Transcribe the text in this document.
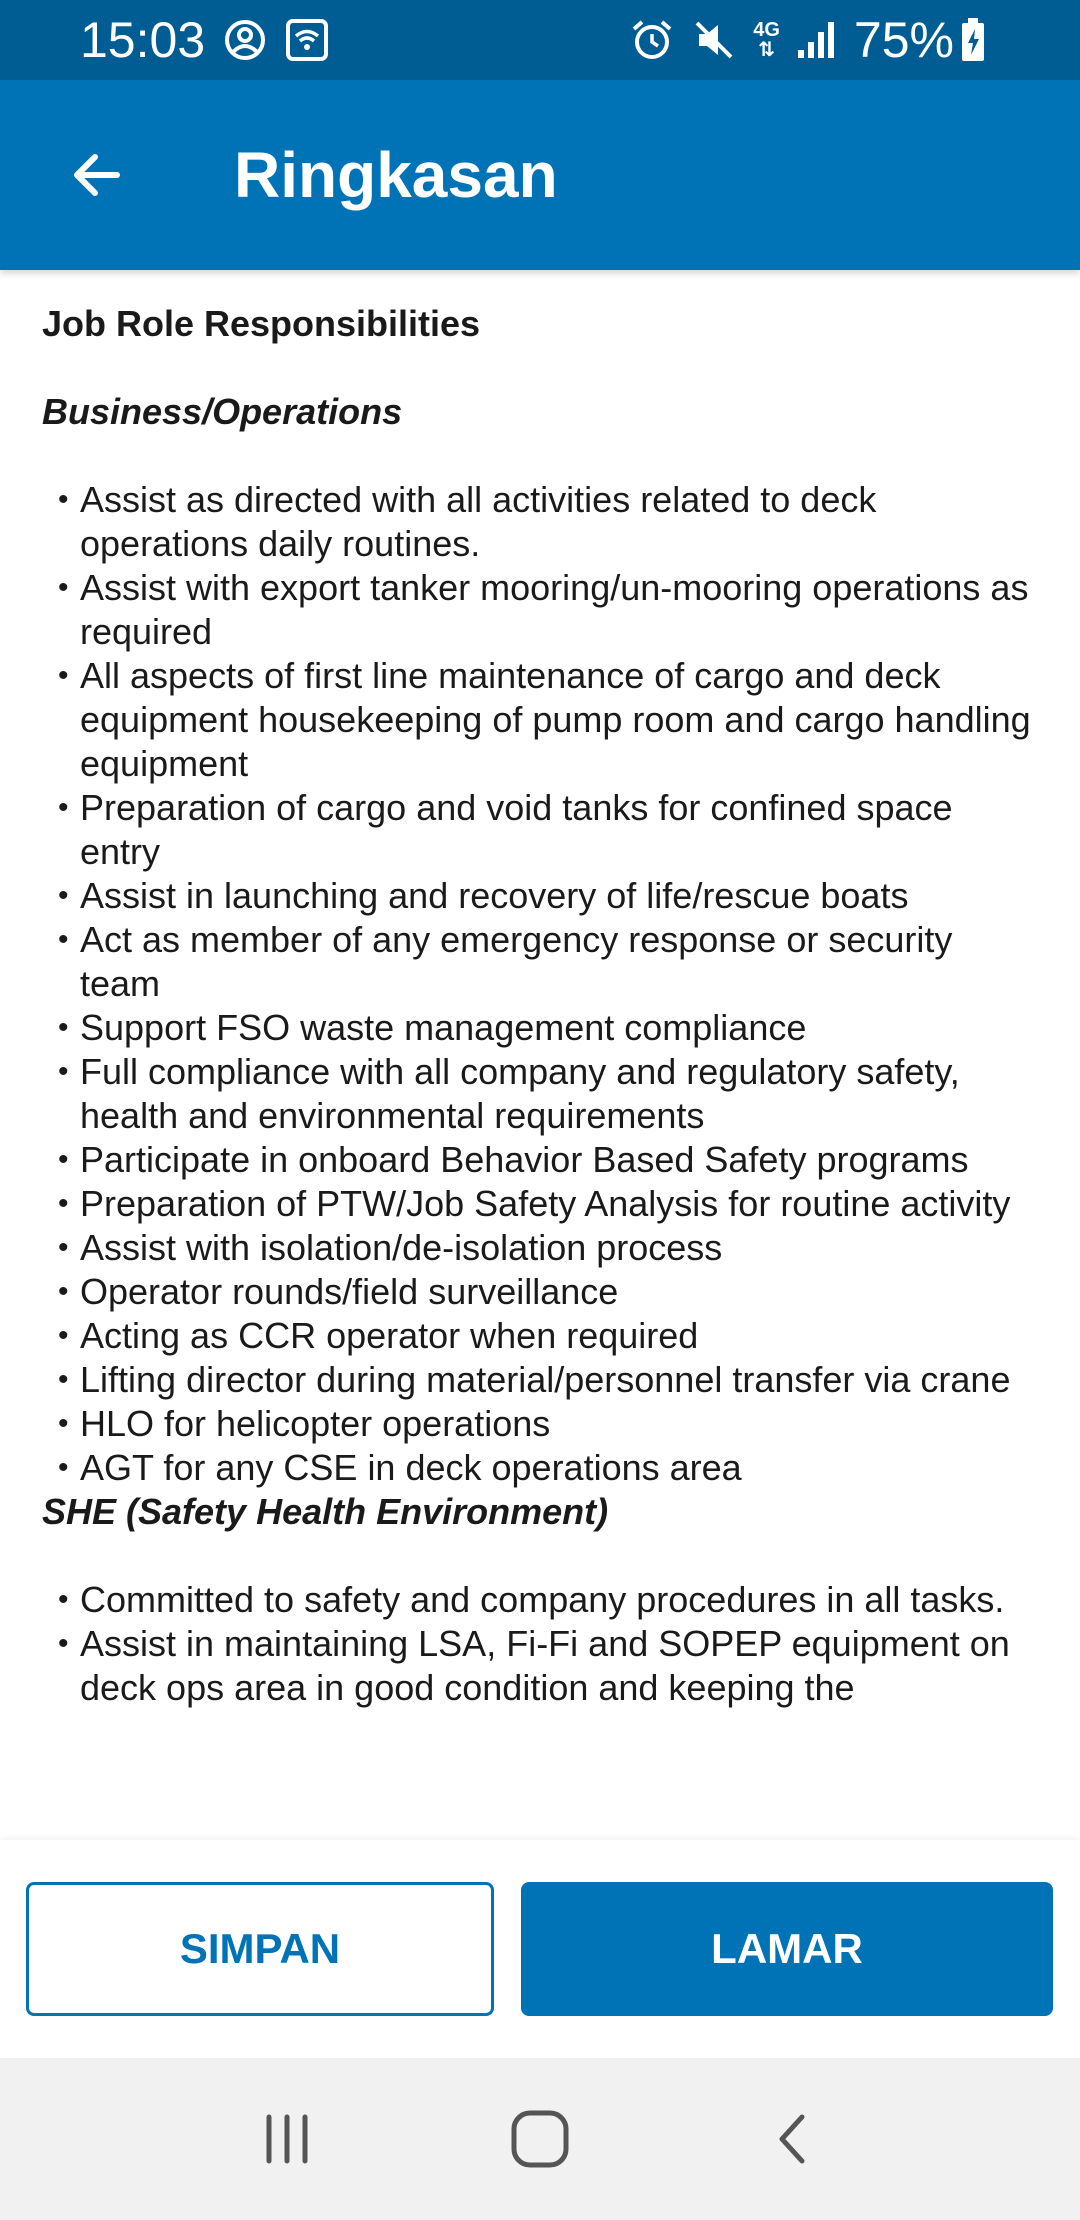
15:03	4G
⇅ 75%
Ringkasan
Job Role Responsibilities
Business/Operations
• Assist as directed with all activities related to deck operations daily routines.
• Assist with export tanker mooring/un-mooring operations as required
• All aspects of first line maintenance of cargo and deck equipment housekeeping of pump room and cargo handling equipment
• Preparation of cargo and void tanks for confined space entry
• Assist in launching and recovery of life/rescue boats
• Act as member of any emergency response or security team
• Support FSO waste management compliance
• Full compliance with all company and regulatory safety, health and environmental requirements
• Participate in onboard Behavior Based Safety programs
• Preparation of PTW/Job Safety Analysis for routine activity
• Assist with isolation/de-isolation process
• Operator rounds/field surveillance
• Acting as CCR operator when required
• Lifting director during material/personnel transfer via crane
• HLO for helicopter operations
• AGT for any CSE in deck operations area
SHE (Safety Health Environment)
• Committed to safety and company procedures in all tasks.
• Assist in maintaining LSA, Fi-Fi and SOPEP equipment on deck ops area in good condition and keeping the
SIMPAN	LAMAR
